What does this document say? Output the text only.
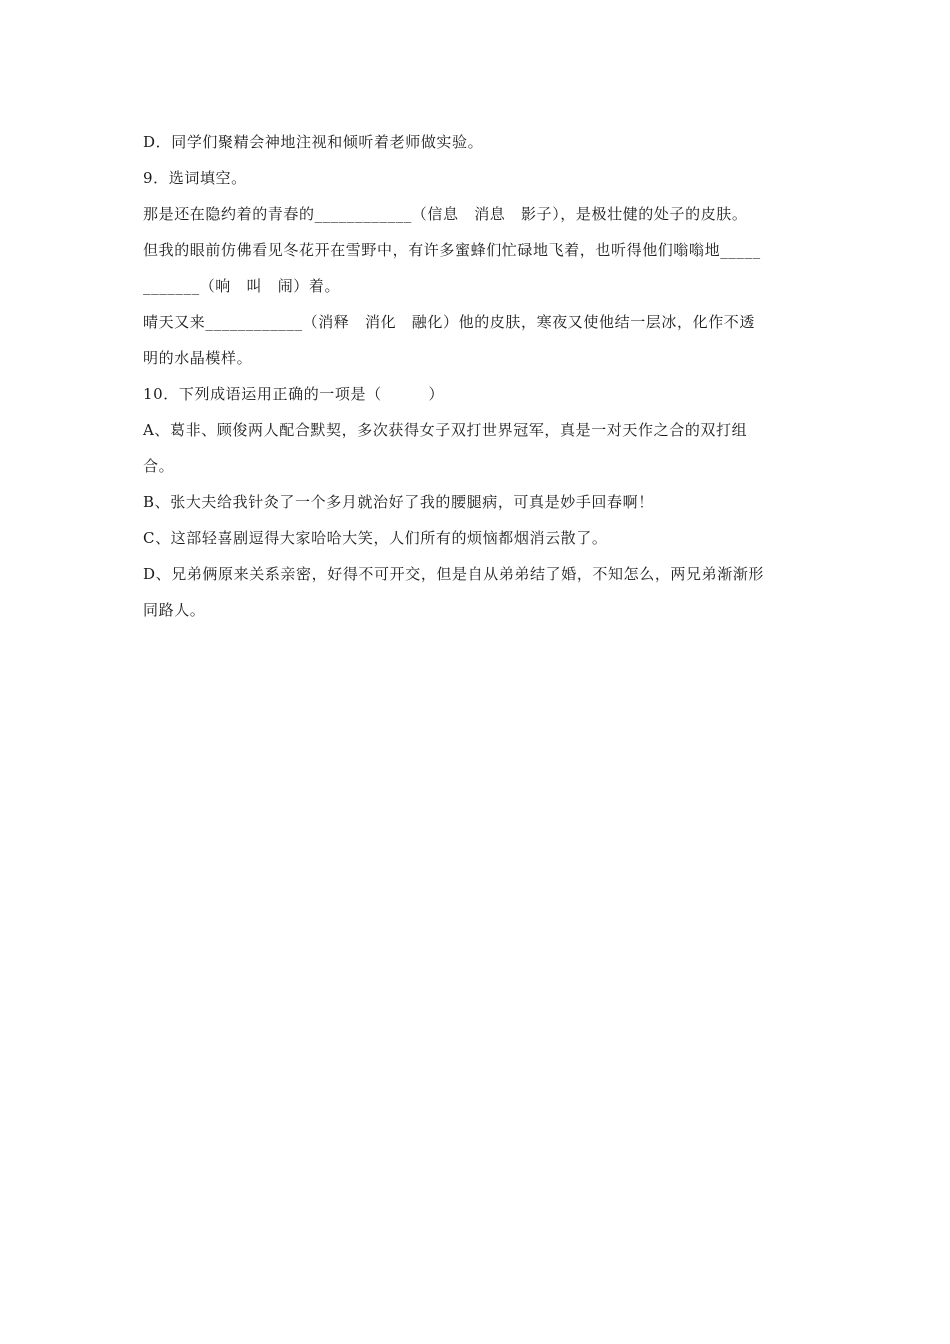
D．同学们聚精会神地注视和倾听着老师做实验。

9．选词填空。

那是还在隐约着的青春的____________（信息　消息　影子），是极壮健的处子的皮肤。

但我的眼前仿佛看见冬花开在雪野中，有许多蜜蜂们忙碌地飞着，也听得他们嗡嗡地_____

_______（响　叫　闹）着。

晴天又来____________（消释　消化　融化）他的皮肤，寒夜又使他结一层冰，化作不透

明的水晶模样。

10．下列成语运用正确的一项是（　　　）

A、葛非、顾俊两人配合默契，多次获得女子双打世界冠军，真是一对天作之合的双打组

合。

B、张大夫给我针灸了一个多月就治好了我的腰腿病，可真是妙手回春啊！

C、这部轻喜剧逗得大家哈哈大笑，人们所有的烦恼都烟消云散了。

D、兄弟俩原来关系亲密，好得不可开交，但是自从弟弟结了婚，不知怎么，两兄弟渐渐形

同路人。
